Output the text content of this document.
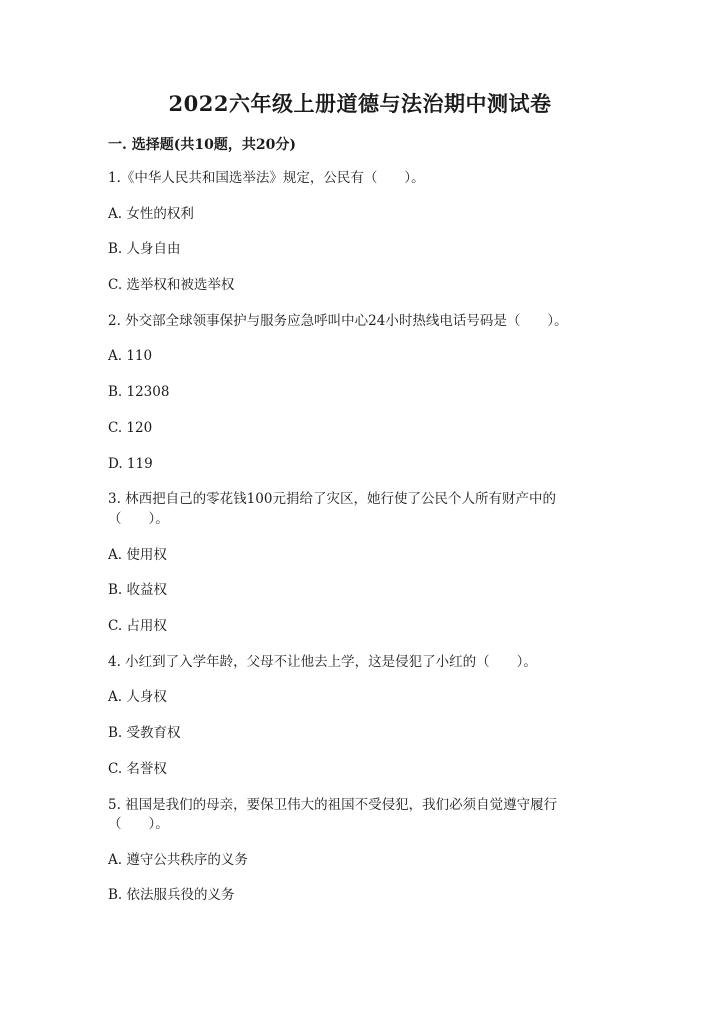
2022六年级上册道德与法治期中测试卷
一. 选择题(共10题，共20分)
1.《中华人民共和国选举法》规定，公民有（　　）。
A. 女性的权利
B. 人身自由
C. 选举权和被选举权
2. 外交部全球领事保护与服务应急呼叫中心24小时热线电话号码是（　　）。
A. 110
B. 12308
C. 120
D. 119
3. 林西把自己的零花钱100元捐给了灾区，她行使了公民个人所有财产中的
（　　）。
A. 使用权
B. 收益权
C. 占用权
4. 小红到了入学年龄，父母不让他去上学，这是侵犯了小红的（　　）。
A. 人身权
B. 受教育权
C. 名誉权
5. 祖国是我们的母亲，要保卫伟大的祖国不受侵犯，我们必须自觉遵守履行
（　　）。
A. 遵守公共秩序的义务
B. 依法服兵役的义务
